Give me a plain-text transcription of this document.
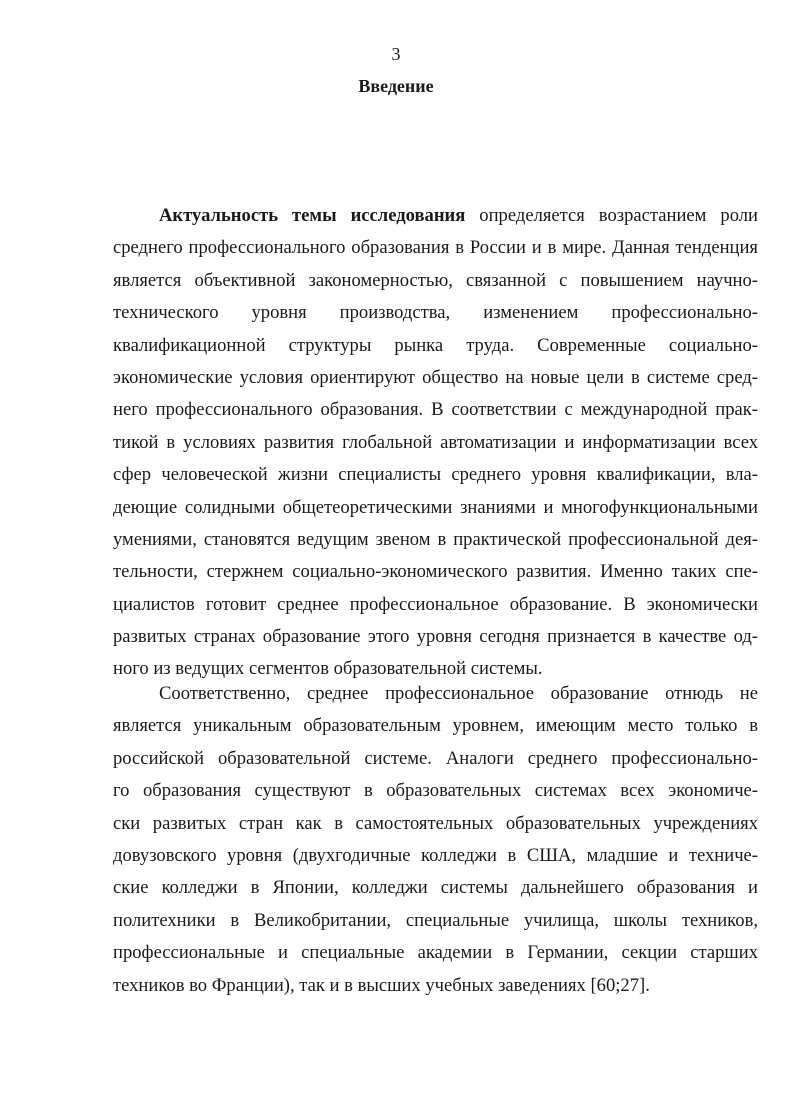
3
Введение
Актуальность темы исследования определяется возрастанием роли
среднего профессионального образования в России и в мире. Данная тенденция
является объективной закономерностью, связанной с повышением научно-
технического уровня производства, изменением профессионально-
квалификационной структуры рынка труда. Современные социально-
экономические условия ориентируют общество на новые цели в системе сред-
него профессионального образования. В соответствии с международной прак-
тикой в условиях развития глобальной автоматизации и информатизации всех
сфер человеческой жизни специалисты среднего уровня квалификации, вла-
деющие солидными общетеоретическими знаниями и многофункциональными
умениями, становятся ведущим звеном в практической профессиональной дея-
тельности, стержнем социально-экономического развития. Именно таких спе-
циалистов готовит среднее профессиональное образование. В экономически
развитых странах образование этого уровня сегодня признается в качестве од-
ного из ведущих сегментов образовательной системы.
Соответственно, среднее профессиональное образование отнюдь не
является уникальным образовательным уровнем, имеющим место только в
российской образовательной системе. Аналоги среднего профессионально-
го образования существуют в образовательных системах всех экономиче-
ски развитых стран как в самостоятельных образовательных учреждениях
довузовского уровня (двухгодичные колледжи в США, младшие и техниче-
ские колледжи в Японии, колледжи системы дальнейшего образования и
политехники в Великобритании, специальные училища, школы техников,
профессиональные и специальные академии в Германии, секции старших
техников во Франции), так и в высших учебных заведениях [60;27].
